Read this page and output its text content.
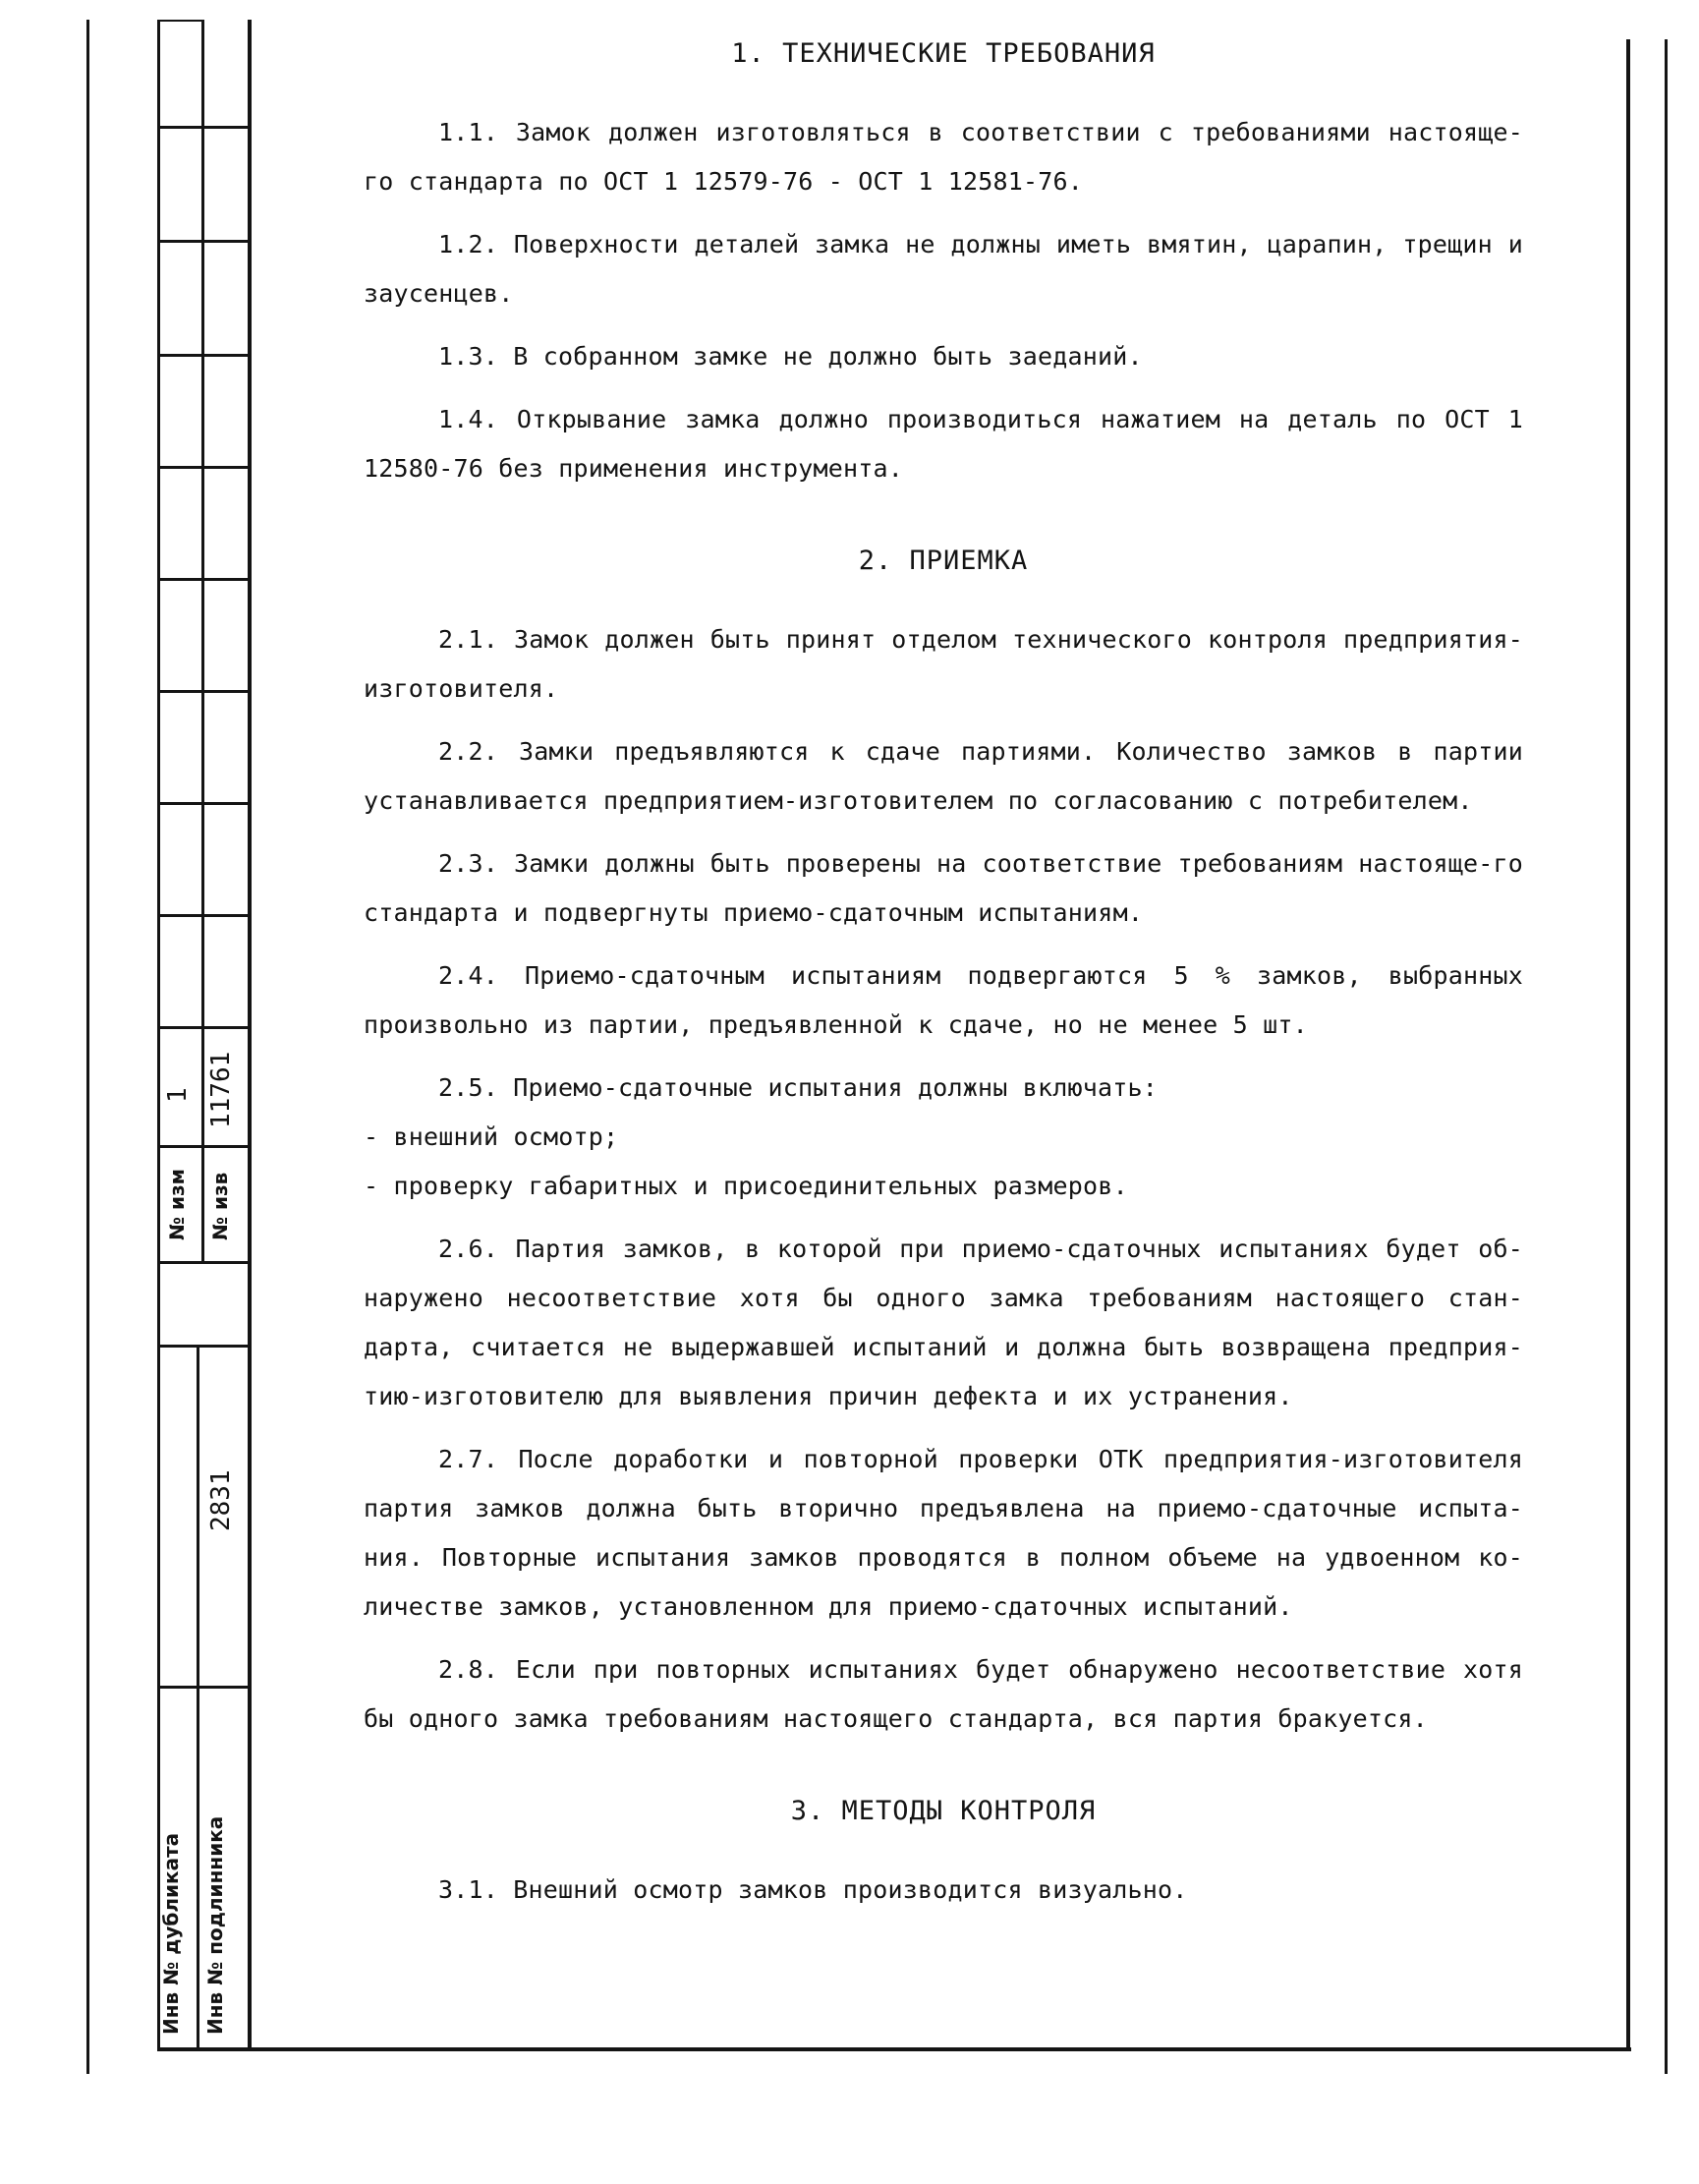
№ изм
1
№ изв
11761
2831
Инв № дубликата Инв № подлинника
1. ТЕХНИЧЕСКИЕ ТРЕБОВАНИЯ

1.1. Замок должен изготовляться в соответствии с требованиями настояще-го стандарта по ОСТ 1 12579-76 - ОСТ 1 12581-76.

1.2. Поверхности деталей замка не должны иметь вмятин, царапин, трещин и заусенцев.

1.3. В собранном замке не должно быть заеданий.

1.4. Открывание замка должно производиться нажатием на деталь по ОСТ 1 12580-76 без применения инструмента.

2. ПРИЕМКА

2.1. Замок должен быть принят отделом технического контроля предприятия-изготовителя.

2.2. Замки предъявляются к сдаче партиями. Количество замков в партии устанавливается предприятием-изготовителем по согласованию с потребителем.

2.3. Замки должны быть проверены на соответствие требованиям настояще-го стандарта и подвергнуты приемо-сдаточным испытаниям.

2.4. Приемо-сдаточным испытаниям подвергаются 5 % замков, выбранных произвольно из партии, предъявленной к сдаче, но не менее 5 шт.

2.5. Приемо-сдаточные испытания должны включать:

- внешний осмотр;

- проверку габаритных и присоединительных размеров.

2.6. Партия замков, в которой при приемо-сдаточных испытаниях будет об-наружено несоответствие хотя бы одного замка требованиям настоящего стан-дарта, считается не выдержавшей испытаний и должна быть возвращена предприя-тию-изготовителю для выявления причин дефекта и их устранения.

2.7. После доработки и повторной проверки ОТК предприятия-изготовителя партия замков должна быть вторично предъявлена на приемо-сдаточные испыта-ния. Повторные испытания замков проводятся в полном объеме на удвоенном ко-личестве замков, установленном для приемо-сдаточных испытаний.

2.8. Если при повторных испытаниях будет обнаружено несоответствие хотя бы одного замка требованиям настоящего стандарта, вся партия бракуется.

3. МЕТОДЫ КОНТРОЛЯ

3.1. Внешний осмотр замков производится визуально.
